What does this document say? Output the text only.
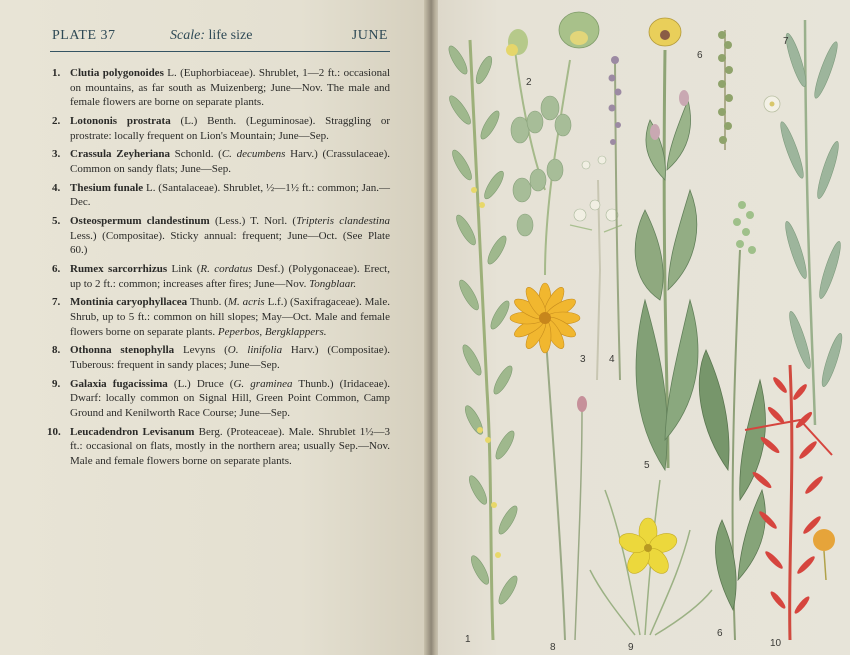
PLATE 37	Scale: life size	JUNE
1. Clutia polygonoides L. (Euphorbiaceae). Shrublet, 1—2 ft.: occasional on mountains, as far south as Muizenberg; June—Nov. The male and female flowers are borne on separate plants.
2. Lotononis prostrata (L.) Benth. (Leguminosae). Straggling or prostrate: locally frequent on Lion's Mountain; June—Sep.
3. Crassula Zeyheriana Schonld. (C. decumbens Harv.) (Crassulaceae). Common on sandy flats; June—Sep.
4. Thesium funale L. (Santalaceae). Shrublet, ½—1½ ft.: common; Jan.—Dec.
5. Osteospermum clandestinum (Less.) T. Norl. (Tripteris clandestina Less.) (Compositae). Sticky annual: frequent; June—Oct. (See Plate 60.)
6. Rumex sarcorrhizus Link (R. cordatus Desf.) (Polygonaceae). Erect, up to 2 ft.: common; increases after fires; June—Nov. Tongblaar.
7. Montinia caryophyllacea Thunb. (M. acris L.f.) (Saxifragaceae). Male. Shrub, up to 5 ft.: common on hill slopes; May—Oct. Male and female flowers borne on separate plants. Peperbos, Bergklappers.
8. Othonna stenophylla Levyns (O. linifolia Harv.) (Compositae). Tuberous: frequent in sandy places; June—Sep.
9. Galaxia fugacissima (L.) Druce (G. graminea Thunb.) (Iridaceae). Dwarf: locally common on Signal Hill, Green Point Common, Camp Ground and Kenilworth Race Course; June—Sep.
10. Leucadendron Levisanum Berg. (Proteaceae). Male. Shrublet 1½—3 ft.: occasional on flats, mostly in the northern area; usually Sep.—Nov. Male and female flowers borne on separate plants.
1
2
3 4
5
6
7
6
8	9	10
